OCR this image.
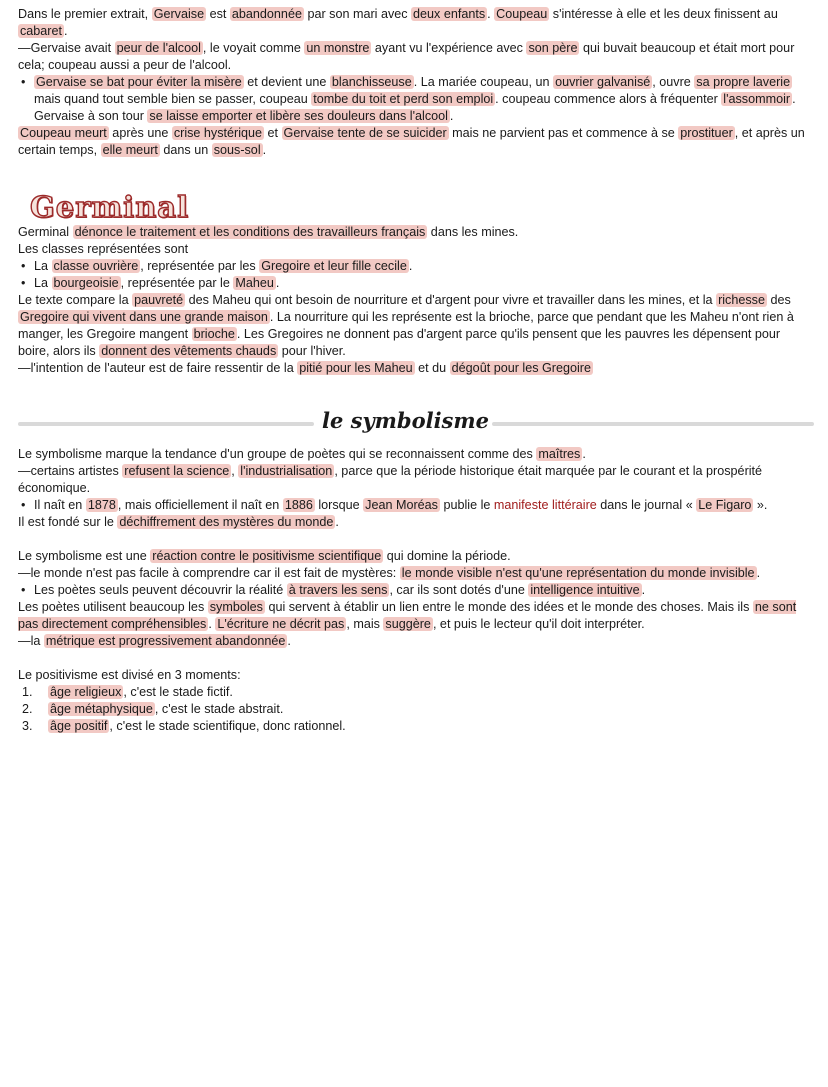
Dans le premier extrait, Gervaise est abandonnée par son mari avec deux enfants . Coupeau s'intéresse à elle et les deux finissent au cabaret .

—Gervaise avait peur de l'alcool , le voyait comme un monstre ayant vu l'expérience avec son père qui buvait beaucoup et était mort pour cela; coupeau aussi a peur de l'alcool.

• Gervaise se bat pour éviter la misère et devient une blanchisseuse . La mariée coupeau, un ouvrier galvanisé , ouvre sa propre laverie mais quand tout semble bien se passer, coupeau tombe du toit et perd son emploi . coupeau commence alors à fréquenter l'assommoir . Gervaise à son tour se laisse emporter et libère ses douleurs dans l'alcool .

Coupeau meurt après une crise hystérique et Gervaise tente de se suicider mais ne parvient pas et commence à se prostituer , et après un certain temps, elle meurt dans un sous-sol .

Germinal

Germinal dénonce le traitement et les conditions des travailleurs français dans les mines.

Les classes représentées sont

• La classe ouvrière , représentée par les Gregoire et leur fille cecile .

• La bourgeoisie , représentée par le Maheu .

Le texte compare la pauvreté des Maheu qui ont besoin de nourriture et d'argent pour vivre et travailler dans les mines, et la richesse des Gregoire qui vivent dans une grande maison . La nourriture qui les représente est la brioche, parce que pendant que les Maheu n'ont rien à manger, les Gregoire mangent brioche . Les Gregoires ne donnent pas d'argent parce qu'ils pensent que les pauvres les dépensent pour boire, alors ils donnent des vêtements chauds pour l'hiver.

—l'intention de l'auteur est de faire ressentir de la pitié pour les Maheu et du dégoût pour les Gregoire

le symbolisme

Le symbolisme marque la tendance d'un groupe de poètes qui se reconnaissent comme des maîtres .

—certains artistes refusent la science , l'industrialisation , parce que la période historique était marquée par le courant et la prospérité économique.

• Il naît en 1878 , mais officiellement il naît en 1886 lorsque Jean Moréas publie le manifeste littéraire dans le journal « Le Figaro ».

Il est fondé sur le déchiffrement des mystères du monde .

Le symbolisme est une réaction contre le positivisme scientifique qui domine la période.

—le monde n'est pas facile à comprendre car il est fait de mystères: le monde visible n'est qu'une représentation du monde invisible .

• Les poètes seuls peuvent découvrir la réalité à travers les sens , car ils sont dotés d'une intelligence intuitive .

Les poètes utilisent beaucoup les symboles qui servent à établir un lien entre le monde des idées et le monde des choses. Mais ils ne sont pas directement compréhensibles . L'écriture ne décrit pas , mais suggère , et puis le lecteur qu'il doit interpréter.

—la métrique est progressivement abandonnée .

Le positivisme est divisé en 3 moments:

1. âge religieux , c'est le stade fictif.

2. âge métaphysique , c'est le stade abstrait.

3. âge positif , c'est le stade scientifique, donc rationnel.
